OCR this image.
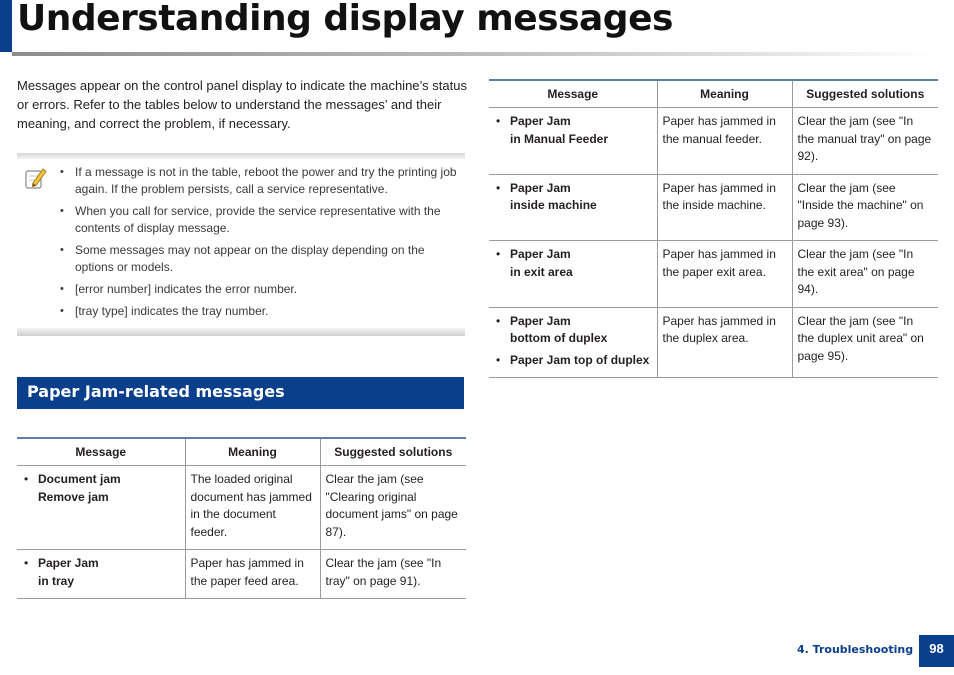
Understanding display messages

Messages appear on the control panel display to indicate the machine’s status or errors. Refer to the tables below to understand the messages’ and their meaning, and correct the problem, if necessary.

• If a message is not in the table, reboot the power and try the printing job again. If the problem persists, call a service representative.
• When you call for service, provide the service representative with the contents of display message.
• Some messages may not appear on the display depending on the options or models.
• [error number] indicates the error number.
• [tray type] indicates the tray number.
Paper Jam-related messages
Message	Meaning	Suggested solutions

• Document jam
Remove jam	The loaded original document has jammed in the document feeder.	Clear the jam (see "Clearing original document jams" on page 87).

• Paper Jam
in tray	Paper has jammed in the paper feed area.	Clear the jam (see "In tray" on page 91).
Message	Meaning	Suggested solutions

• Paper Jam
in Manual Feeder	Paper has jammed in the manual feeder.	Clear the jam (see "In the manual tray" on page 92).

• Paper Jam
inside machine	Paper has jammed in the inside machine.	Clear the jam (see "Inside the machine" on page 93).

• Paper Jam
in exit area	Paper has jammed in the paper exit area.	Clear the jam (see "In the exit area" on page 94).

• Paper Jam
bottom of duplex
• Paper Jam top of duplex	Paper has jammed in the duplex area.	Clear the jam (see "In the duplex unit area" on page 95).
4. Troubleshooting	98
